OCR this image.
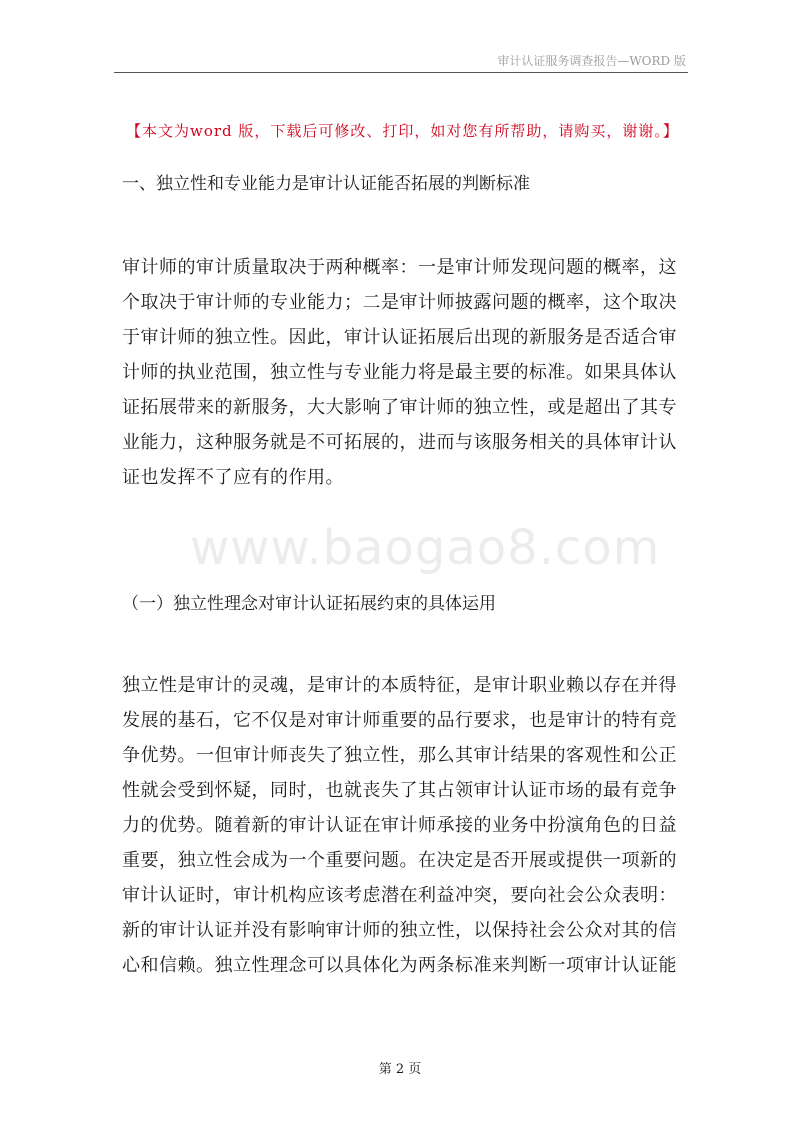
审计认证服务调查报告—WORD 版
【本文为word 版，下载后可修改、打印，如对您有所帮助，请购买，谢谢。】
一、独立性和专业能力是审计认证能否拓展的判断标准
审计师的审计质量取决于两种概率：一是审计师发现问题的概率，这
个取决于审计师的专业能力；二是审计师披露问题的概率，这个取决
于审计师的独立性。因此，审计认证拓展后出现的新服务是否适合审
计师的执业范围，独立性与专业能力将是最主要的标准。如果具体认
证拓展带来的新服务，大大影响了审计师的独立性，或是超出了其专
业能力，这种服务就是不可拓展的，进而与该服务相关的具体审计认
证也发挥不了应有的作用。
www.baogao8.com
（一）独立性理念对审计认证拓展约束的具体运用
独立性是审计的灵魂，是审计的本质特征，是审计职业赖以存在并得
发展的基石，它不仅是对审计师重要的品行要求，也是审计的特有竞
争优势。一但审计师丧失了独立性，那么其审计结果的客观性和公正
性就会受到怀疑，同时，也就丧失了其占领审计认证市场的最有竞争
力的优势。随着新的审计认证在审计师承接的业务中扮演角色的日益
重要，独立性会成为一个重要问题。在决定是否开展或提供一项新的
审计认证时，审计机构应该考虑潜在利益冲突，要向社会公众表明：
新的审计认证并没有影响审计师的独立性，以保持社会公众对其的信
心和信赖。独立性理念可以具体化为两条标准来判断一项审计认证能
第 2 页
